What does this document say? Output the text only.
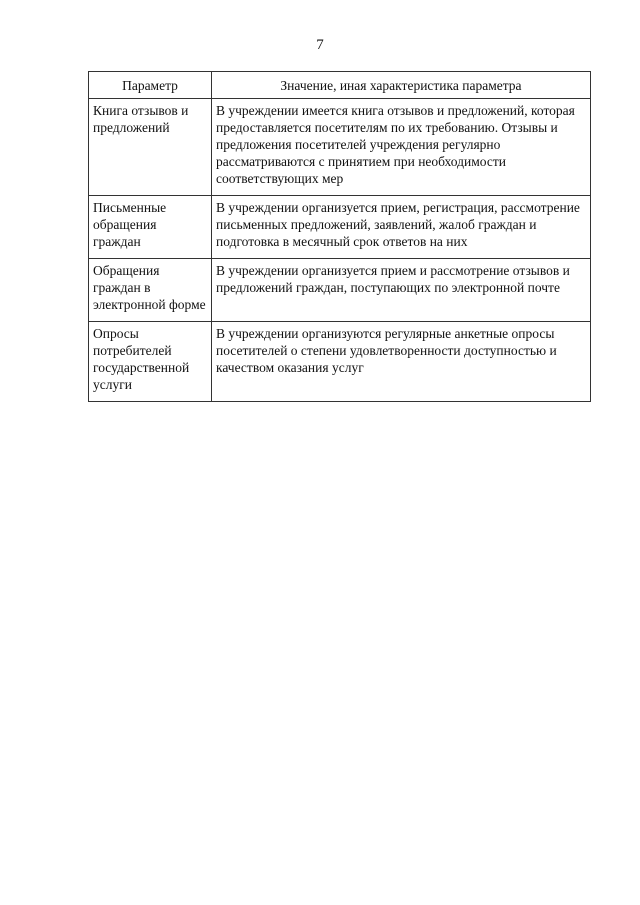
7
Параметр	Значение, иная характеристика параметра
Книга отзывов и предложений	В учреждении имеется книга отзывов и предложений, которая предоставляется посетителям по их требованию. Отзывы и предложения посетителей учреждения регулярно рассматриваются с принятием при необходимости соответствующих мер
Письменные обращения граждан	В учреждении организуется прием, регистрация, рассмотрение письменных предложений, заявлений, жалоб граждан и подготовка в месячный срок ответов на них
Обращения граждан в электронной форме	В учреждении организуется прием и рассмотрение отзывов и предложений граждан, поступающих по электронной почте
Опросы потребителей государственной услуги	В учреждении организуются регулярные анкетные опросы посетителей о степени удовлетворенности доступностью и качеством оказания услуг
